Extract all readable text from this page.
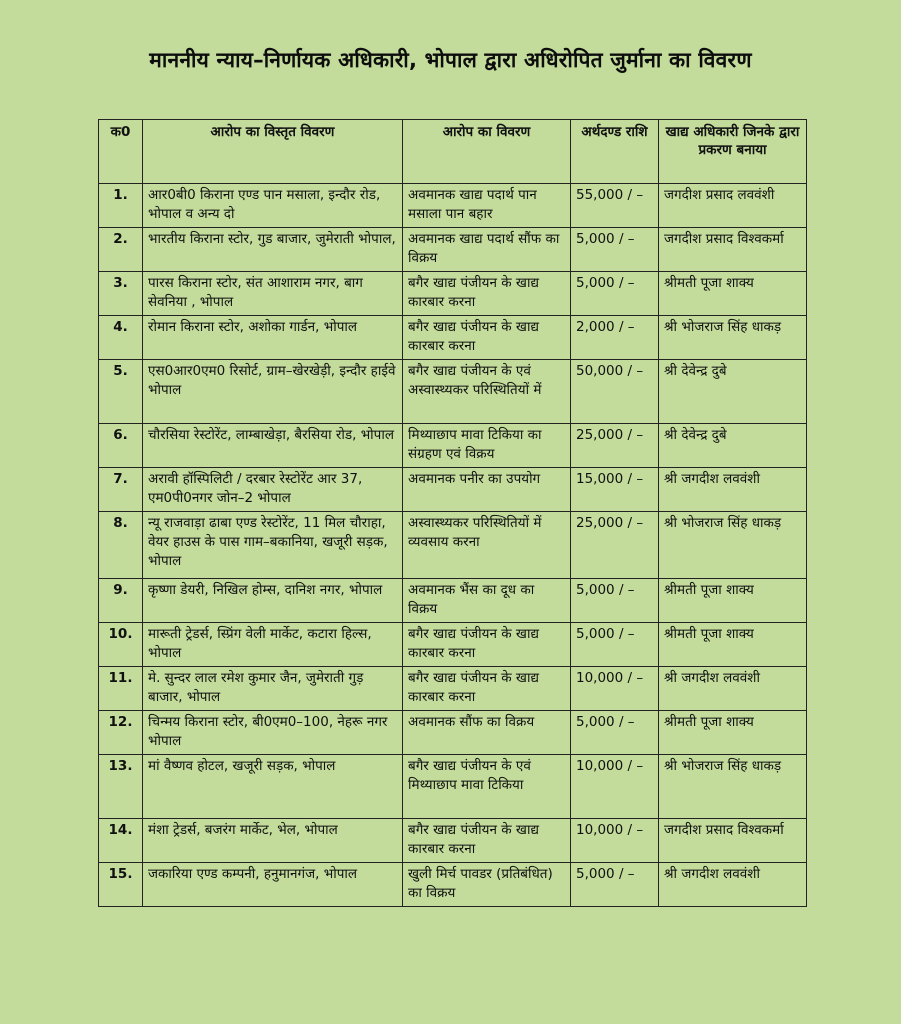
माननीय न्याय–निर्णायक अधिकारी, भोपाल द्वारा अधिरोपित जुर्माना का विवरण
क0	आरोप का विस्तृत विवरण	आरोप का विवरण	अर्थदण्ड राशि	खाद्य अधिकारी जिनके द्वारा प्रकरण बनाया
1.	आर0बी0 किराना एण्ड पान मसाला, इन्दौर रोड, भोपाल व अन्य दो	अवमानक खाद्य पदार्थ पान मसाला पान बहार	55,000 / –	जगदीश प्रसाद लववंशी
2.	भारतीय किराना स्टोर, गुड बाजार, जुमेराती भोपाल,	अवमानक खाद्य पदार्थ सौंफ का विक्रय	5,000 / –	जगदीश प्रसाद विश्वकर्मा
3.	पारस किराना स्टोर, संत आशाराम नगर, बाग सेवनिया , भोपाल	बगैर खाद्य पंजीयन के खाद्य कारबार करना	5,000 / –	श्रीमती पूजा शाक्य
4.	रोमान किराना स्टोर, अशोका गार्डन, भोपाल	बगैर खाद्य पंजीयन के खाद्य कारबार करना	2,000 / –	श्री भोजराज सिंह धाकड़
5.	एस0आर0एम0 रिसोर्ट, ग्राम–खेरखेड़ी, इन्दौर हाईवे भोपाल	बगैर खाद्य पंजीयन के एवं अस्वास्थ्यकर परिस्थितियों में	50,000 / –	श्री देवेन्द्र दुबे
6.	चौरसिया रेस्टोरेंट, लाम्बाखेड़ा, बैरसिया रोड, भोपाल	मिथ्याछाप मावा टिकिया का संग्रहण एवं विक्रय	25,000 / –	श्री देवेन्द्र दुबे
7.	अरावी हॉस्पिलिटी / दरबार रेस्टोरेंट आर 37, एम0पी0नगर जोन–2 भोपाल	अवमानक पनीर का उपयोग	15,000 / –	श्री जगदीश लववंशी
8.	न्यू राजवाड़ा ढाबा एण्ड रेस्टोरेंट, 11 मिल चौराहा, वेयर हाउस के पास गाम–बकानिया, खजूरी सड़क, भोपाल	अस्वास्थ्यकर परिस्थितियों में व्यवसाय करना	25,000 / –	श्री भोजराज सिंह धाकड़
9.	कृष्णा डेयरी, निखिल होम्स, दानिश नगर, भोपाल	अवमानक भैंस का दूध का विक्रय	5,000 / –	श्रीमती पूजा शाक्य
10.	मारूती ट्रेडर्स, स्प्रिंग वेली मार्केट, कटारा हिल्स, भोपाल	बगैर खाद्य पंजीयन के खाद्य कारबार करना	5,000 / –	श्रीमती पूजा शाक्य
11.	मे. सुन्दर लाल रमेश कुमार जैन, जुमेराती गुड़ बाजार, भोपाल	बगैर खाद्य पंजीयन के खाद्य कारबार करना	10,000 / –	श्री जगदीश लववंशी
12.	चिन्मय किराना स्टोर, बी0एम0–100, नेहरू नगर भोपाल	अवमानक सौंफ का विक्रय	5,000 / –	श्रीमती पूजा शाक्य
13.	मां वैष्णव होटल, खजूरी सड़क, भोपाल	बगैर खाद्य पंजीयन के एवं मिथ्याछाप मावा टिकिया	10,000 / –	श्री भोजराज सिंह धाकड़
14.	मंशा ट्रेडर्स, बजरंग मार्केट, भेल, भोपाल	बगैर खाद्य पंजीयन के खाद्य कारबार करना	10,000 / –	जगदीश प्रसाद विश्वकर्मा
15.	जकारिया एण्ड कम्पनी, हनुमानगंज, भोपाल	खुली मिर्च पावडर (प्रतिबंधित) का विक्रय	5,000 / –	श्री जगदीश लववंशी
